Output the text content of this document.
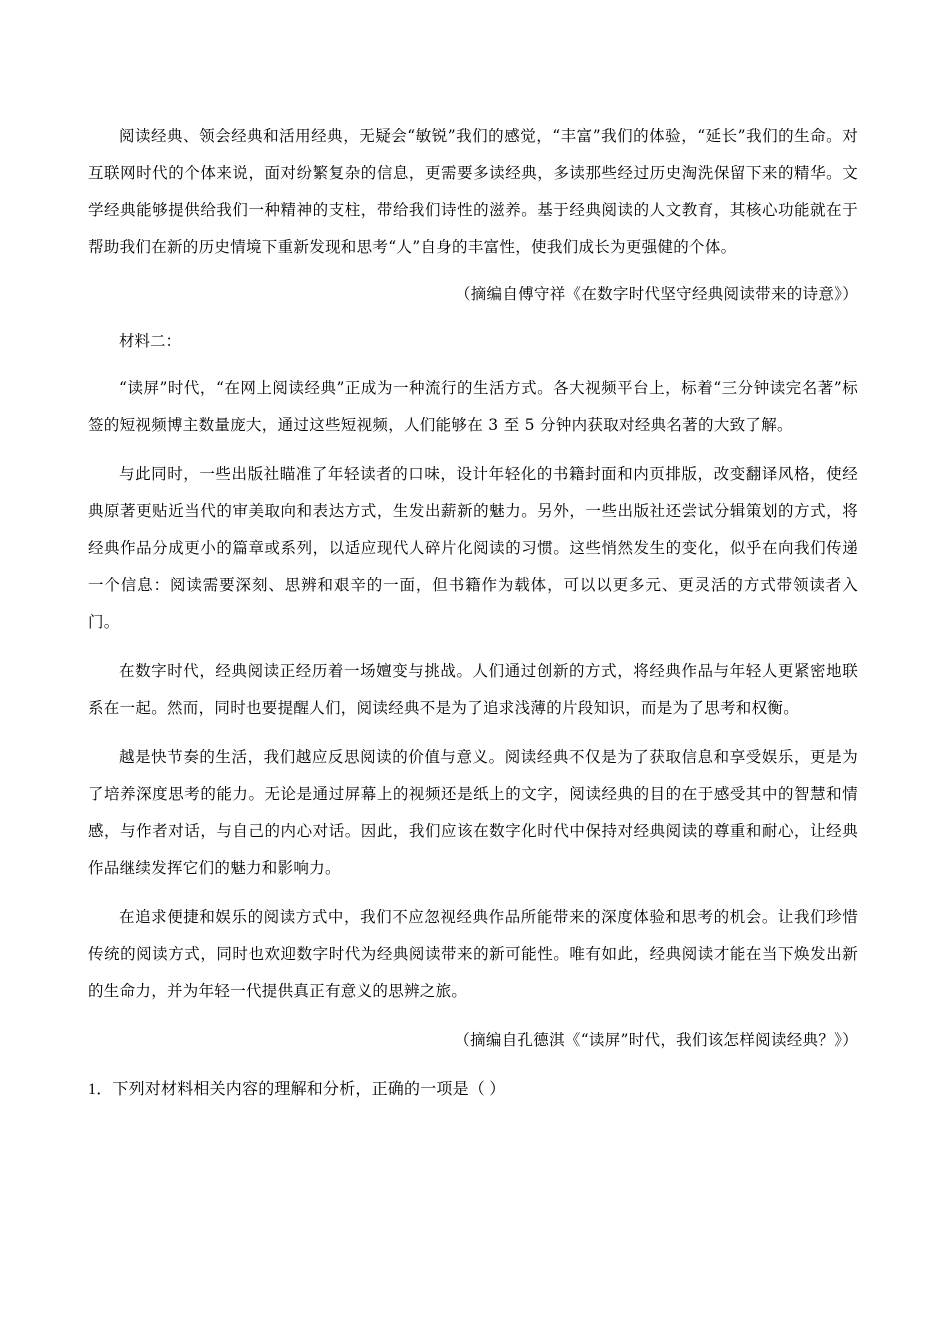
阅读经典、领会经典和活用经典，无疑会“敏锐”我们的感觉，“丰富”我们的体验，“延长”我们的生命。对互联网时代的个体来说，面对纷繁复杂的信息，更需要多读经典，多读那些经过历史淘洗保留下来的精华。文学经典能够提供给我们一种精神的支柱，带给我们诗性的滋养。基于经典阅读的人文教育，其核心功能就在于帮助我们在新的历史情境下重新发现和思考“人”自身的丰富性，使我们成长为更强健的个体。

（摘编自傅守祥《在数字时代坚守经典阅读带来的诗意》）

材料二：

“读屏”时代，“在网上阅读经典”正成为一种流行的生活方式。各大视频平台上，标着“三分钟读完名著”标签的短视频博主数量庞大，通过这些短视频，人们能够在 3 至 5 分钟内获取对经典名著的大致了解。

与此同时，一些出版社瞄准了年轻读者的口味，设计年轻化的书籍封面和内页排版，改变翻译风格，使经典原著更贴近当代的审美取向和表达方式，生发出薪新的魅力。另外，一些出版社还尝试分辑策划的方式，将经典作品分成更小的篇章或系列，以适应现代人碎片化阅读的习惯。这些悄然发生的变化，似乎在向我们传递一个信息：阅读需要深刻、思辨和艰辛的一面，但书籍作为载体，可以以更多元、更灵活的方式带领读者入门。

在数字时代，经典阅读正经历着一场嬗变与挑战。人们通过创新的方式，将经典作品与年轻人更紧密地联系在一起。然而，同时也要提醒人们，阅读经典不是为了追求浅薄的片段知识，而是为了思考和权衡。

越是快节奏的生活，我们越应反思阅读的价值与意义。阅读经典不仅是为了获取信息和享受娱乐，更是为了培养深度思考的能力。无论是通过屏幕上的视频还是纸上的文字，阅读经典的目的在于感受其中的智慧和情感，与作者对话，与自己的内心对话。因此，我们应该在数字化时代中保持对经典阅读的尊重和耐心，让经典作品继续发挥它们的魅力和影响力。

在追求便捷和娱乐的阅读方式中，我们不应忽视经典作品所能带来的深度体验和思考的机会。让我们珍惜传统的阅读方式，同时也欢迎数字时代为经典阅读带来的新可能性。唯有如此，经典阅读才能在当下焕发出新的生命力，并为年轻一代提供真正有意义的思辨之旅。

（摘编自孔德淇《“读屏”时代，我们该怎样阅读经典？》）

1．下列对材料相关内容的理解和分析，正确的一项是（ ）
